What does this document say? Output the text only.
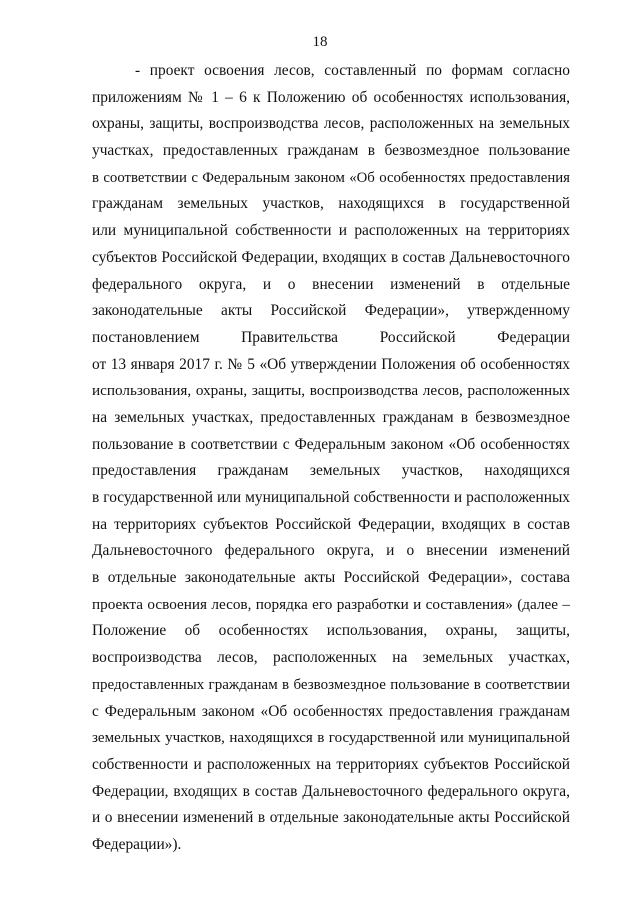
18
- проект освоения лесов, составленный по формам согласно
приложениям № 1 – 6 к Положению об особенностях использования,
охраны, защиты, воспроизводства лесов, расположенных на земельных
участках, предоставленных гражданам в безвозмездное пользование
в соответствии с Федеральным законом «Об особенностях предоставления
гражданам земельных участков, находящихся в государственной
или муниципальной собственности и расположенных на территориях
субъектов Российской Федерации, входящих в состав Дальневосточного
федерального округа, и о внесении изменений в отдельные
законодательные акты Российской Федерации», утвержденному
постановлением Правительства Российской Федерации
от 13 января 2017 г. № 5 «Об утверждении Положения об особенностях
использования, охраны, защиты, воспроизводства лесов, расположенных
на земельных участках, предоставленных гражданам в безвозмездное
пользование в соответствии с Федеральным законом «Об особенностях
предоставления гражданам земельных участков, находящихся
в государственной или муниципальной собственности и расположенных
на территориях субъектов Российской Федерации, входящих в состав
Дальневосточного федерального округа, и о внесении изменений
в отдельные законодательные акты Российской Федерации», состава
проекта освоения лесов, порядка его разработки и составления» (далее –
Положение об особенностях использования, охраны, защиты,
воспроизводства лесов, расположенных на земельных участках,
предоставленных гражданам в безвозмездное пользование в соответствии
с Федеральным законом «Об особенностях предоставления гражданам
земельных участков, находящихся в государственной или муниципальной
собственности и расположенных на территориях субъектов Российской
Федерации, входящих в состав Дальневосточного федерального округа,
и о внесении изменений в отдельные законодательные акты Российской
Федерации»).
